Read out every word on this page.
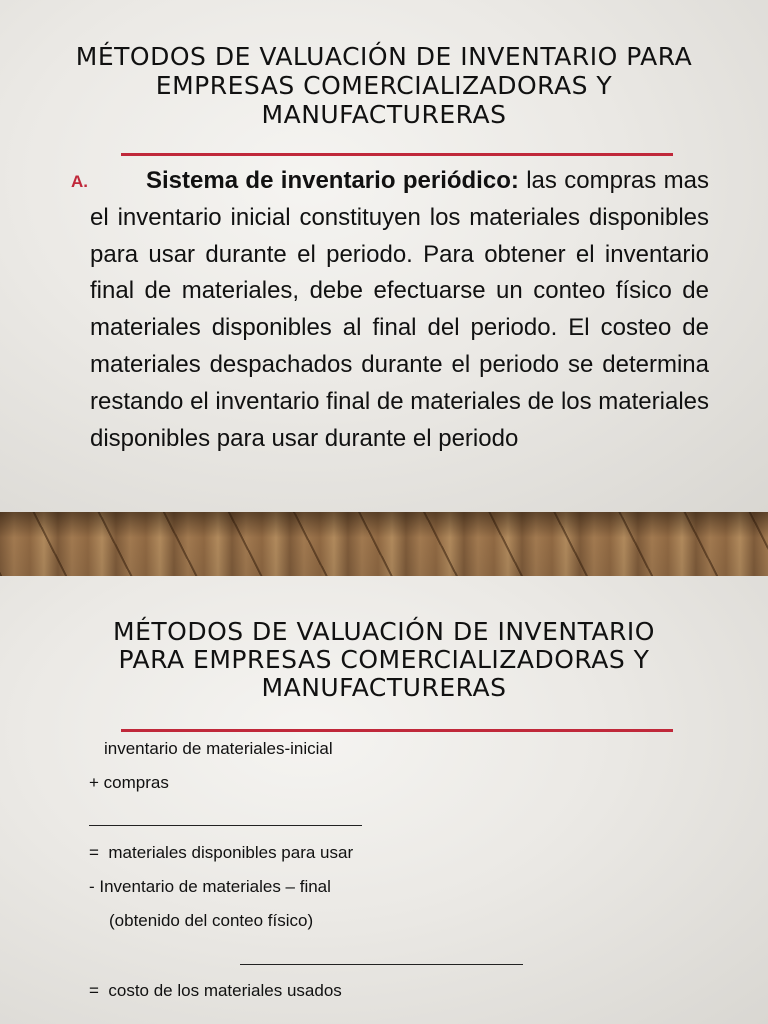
MÉTODOS DE VALUACIÓN DE INVENTARIO PARA
EMPRESAS COMERCIALIZADORAS Y
MANUFACTURERAS
A.	Sistema de inventario periódico: las compras mas el inventario inicial constituyen los materiales disponibles para usar durante el periodo. Para obtener el inventario final de materiales, debe efectuarse un conteo físico de materiales disponibles al final del periodo. El costeo de materiales despachados durante el periodo se determina restando el inventario final de materiales de los materiales disponibles para usar durante el periodo
MÉTODOS DE VALUACIÓN DE INVENTARIO
PARA EMPRESAS COMERCIALIZADORAS Y
MANUFACTURERAS
inventario de materiales-inicial
+ compras
=  materiales disponibles para usar
- Inventario de materiales – final
(obtenido del conteo físico)
=  costo de los materiales usados
